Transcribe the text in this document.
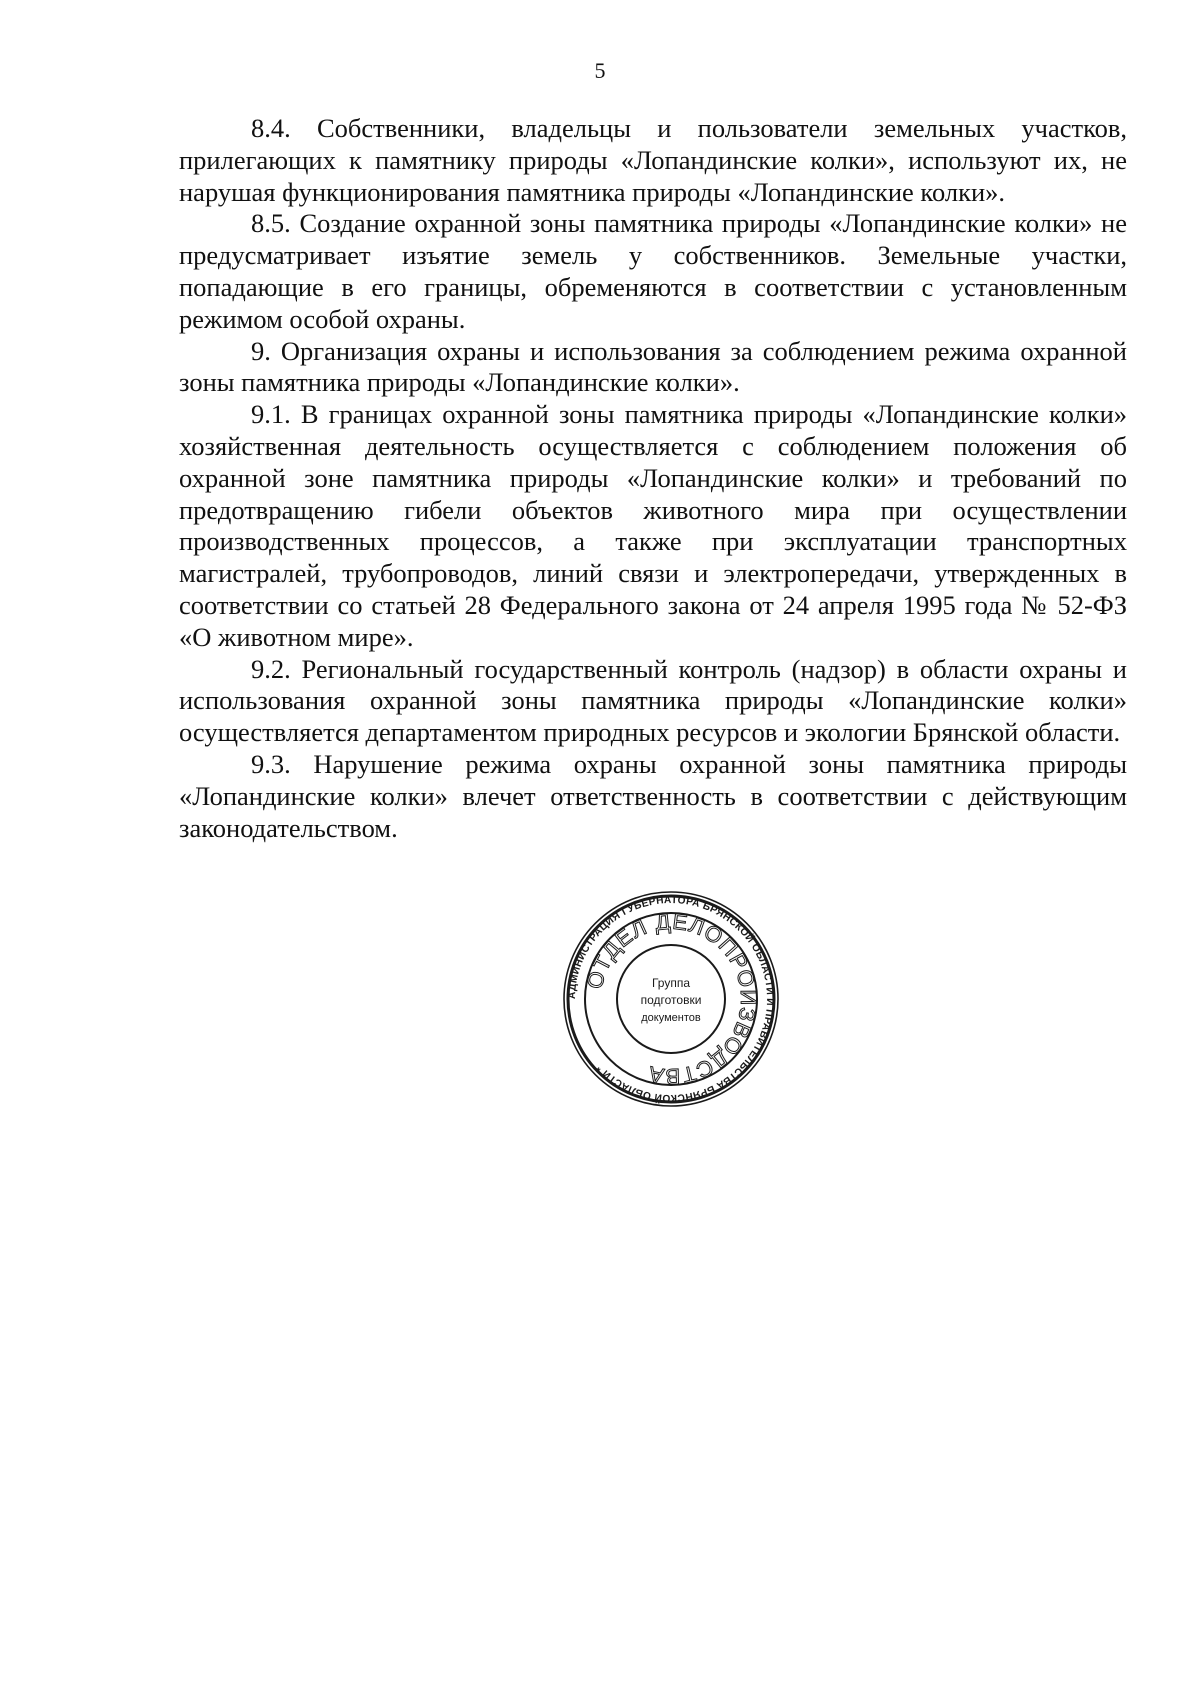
5

8.4. Собственники, владельцы и пользователи земельных участков, прилегающих к памятнику природы «Лопандинские колки», используют их, не нарушая функционирования памятника природы «Лопандинские колки».

8.5. Создание охранной зоны памятника природы «Лопандинские колки» не предусматривает изъятие земель у собственников. Земельные участки, попадающие в его границы, обременяются в соответствии с установленным режимом особой охраны.

9. Организация охраны и использования за соблюдением режима охранной зоны памятника природы «Лопандинские колки».

9.1. В границах охранной зоны памятника природы «Лопандинские колки» хозяйственная деятельность осуществляется с соблюдением положения об охранной зоне памятника природы «Лопандинские колки» и требований по предотвращению гибели объектов животного мира при осуществлении производственных процессов, а также при эксплуатации транспортных магистралей, трубопроводов, линий связи и электропередачи, утвержденных в соответствии со статьей 28 Федерального закона от 24 апреля 1995 года № 52-ФЗ «О животном мире».

9.2. Региональный государственный контроль (надзор) в области охраны и использования охранной зоны памятника природы «Лопандинские колки» осуществляется департаментом природных ресурсов и экологии Брянской области.

9.3. Нарушение режима охраны охранной зоны памятника природы «Лопандинские колки» влечет ответственность в соответствии с действующим законодательством.

АДМИНИСТРАЦИЯ ГУБЕРНАТОРА БРЯНСКОЙ ОБЛАСТИ И ПРАВИТЕЛЬСТВА БРЯНСКОЙ ОБЛАСТИ *
ОТДЕЛ ДЕЛОПРОИЗВОДСТВА
Группа
подготовки
документов
